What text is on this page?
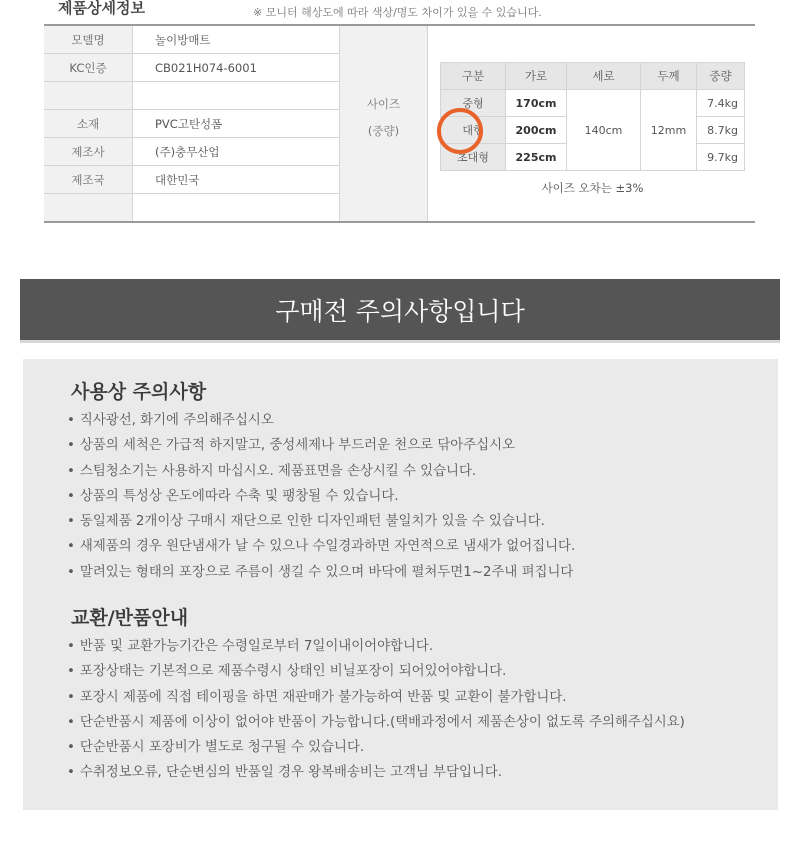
제품상세정보	※ 모니터 해상도에 따라 색상/명도 차이가 있을 수 있습니다.
모델명	놀이방매트
KC인증	CB021H074-6001
소재	PVC고탄성폼
제조사	(주)충무산업
제조국	대한민국
사이즈
(중량)
구분	가로	세로	두께	중량
중형	170cm	140cm	12mm	7.4kg
대형	200cm			8.7kg
초대형	225cm			9.7kg
사이즈 오차는 ±3%
구매전 주의사항입니다
사용상 주의사항
• 직사광선, 화기에 주의해주십시오
• 상품의 세척은 가급적 하지말고, 중성세제나 부드러운 천으로 닦아주십시오
• 스팀청소기는 사용하지 마십시오. 제품표면을 손상시킬 수 있습니다.
• 상품의 특성상 온도에따라 수축 및 팽창될 수 있습니다.
• 동일제품 2개이상 구매시 재단으로 인한 디자인패턴 불일치가 있을 수 있습니다.
• 새제품의 경우 원단냄새가 날 수 있으나 수일경과하면 자연적으로 냄새가 없어집니다.
• 말려있는 형태의 포장으로 주름이 생길 수 있으며 바닥에 펼쳐두면1~2주내 펴집니다
교환/반품안내
• 반품 및 교환가능기간은 수령일로부터 7일이내이어야합니다.
• 포장상태는 기본적으로 제품수령시 상태인 비닐포장이 되어있어야합니다.
• 포장시 제품에 직접 테이핑을 하면 재판매가 불가능하여 반품 및 교환이 불가합니다.
• 단순반품시 제품에 이상이 없어야 반품이 가능합니다.(택배과정에서 제품손상이 없도록 주의해주십시요)
• 단순반품시 포장비가 별도로 청구될 수 있습니다.
• 수취정보오류, 단순변심의 반품일 경우 왕복배송비는 고객님 부담입니다.
